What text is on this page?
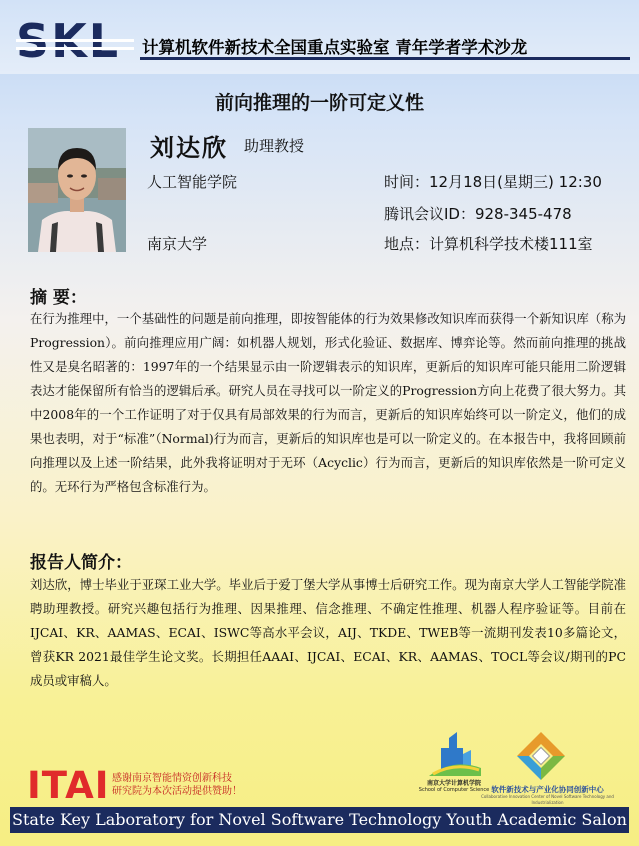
计算机软件新技术全国重点实验室 青年学者学术沙龙
前向推理的一阶可定义性
刘达欣 助理教授
人工智能学院
南京大学
时间：12月18日(星期三) 12:30
腾讯会议ID：928-345-478
地点：计算机科学技术楼111室
摘 要：
在行为推理中，一个基础性的问题是前向推理，即按智能体的行为效果修改知识库而获得一个新知识库（称为Progression）。前向推理应用广阔：如机器人规划，形式化验证、数据库、博弈论等。然而前向推理的挑战性又是臭名昭著的：1997年的一个结果显示由一阶逻辑表示的知识库，更新后的知识库可能只能用二阶逻辑表达才能保留所有恰当的逻辑后承。研究人员在寻找可以一阶定义的Progression方向上花费了很大努力。其中2008年的一个工作证明了对于仅具有局部效果的行为而言，更新后的知识库始终可以一阶定义，他们的成果也表明，对于“标准”（Normal)行为而言，更新后的知识库也是可以一阶定义的。在本报告中，我将回顾前向推理以及上述一阶结果，此外我将证明对于无环（Acyclic）行为而言，更新后的知识库依然是一阶可定义的。无环行为严格包含标准行为。
报告人简介：
刘达欣，博士毕业于亚琛工业大学。毕业后于爱丁堡大学从事博士后研究工作。现为南京大学人工智能学院准聘助理教授。研究兴趣包括行为推理、因果推理、信念推理、不确定性推理、机器人程序验证等。目前在IJCAI、KR、AAMAS、ECAI、ISWC等高水平会议，AIJ、TKDE、TWEB等一流期刊发表10多篇论文，曾获KR 2021最佳学生论文奖。长期担任AAAI、IJCAI、ECAI、KR、AAMAS、TOCL等会议/期刊的PC成员或审稿人。
ITAI 感谢南京智能情资创新科技
研究院为本次活动提供赞助！
南京大学计算机学院
School of Computer Science 软件新技术与产业化协同创新中心
Collaborative Innovation Center of Novel Software Technology and Industrialization
State Key Laboratory for Novel Software Technology Youth Academic Salon
